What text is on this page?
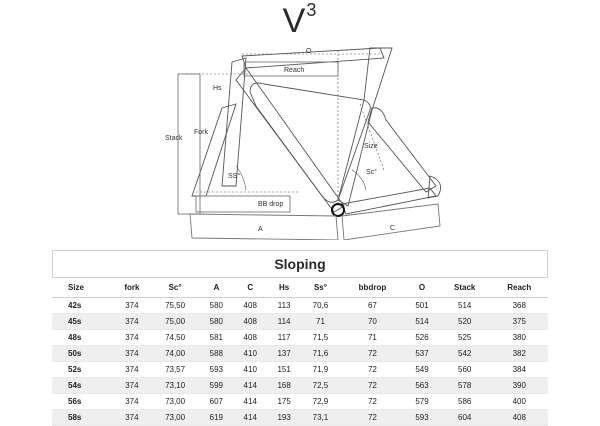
$V^3$
O
Reach
Hs
Stack
Fork
Size
Sc°
SS°
BB drop
A	C
Sloping
Size	fork	Sc°	A	C	Hs	Ss°	bbdrop	O	Stack	Reach
42s	374	75,50	580	408	113	70,6	67	501	514	368
45s	374	75,00	580	408	114	71	70	514	520	375
48s	374	74,50	581	408	117	71,5	71	526	525	380
50s	374	74,00	588	410	137	71,6	72	537	542	382
52s	374	73,57	593	410	151	71,9	72	549	560	384
54s	374	73,10	599	414	168	72,5	72	563	578	390
56s	374	73,00	607	414	175	72,9	72	579	586	400
58s	374	73,00	619	414	193	73,1	72	593	604	408
